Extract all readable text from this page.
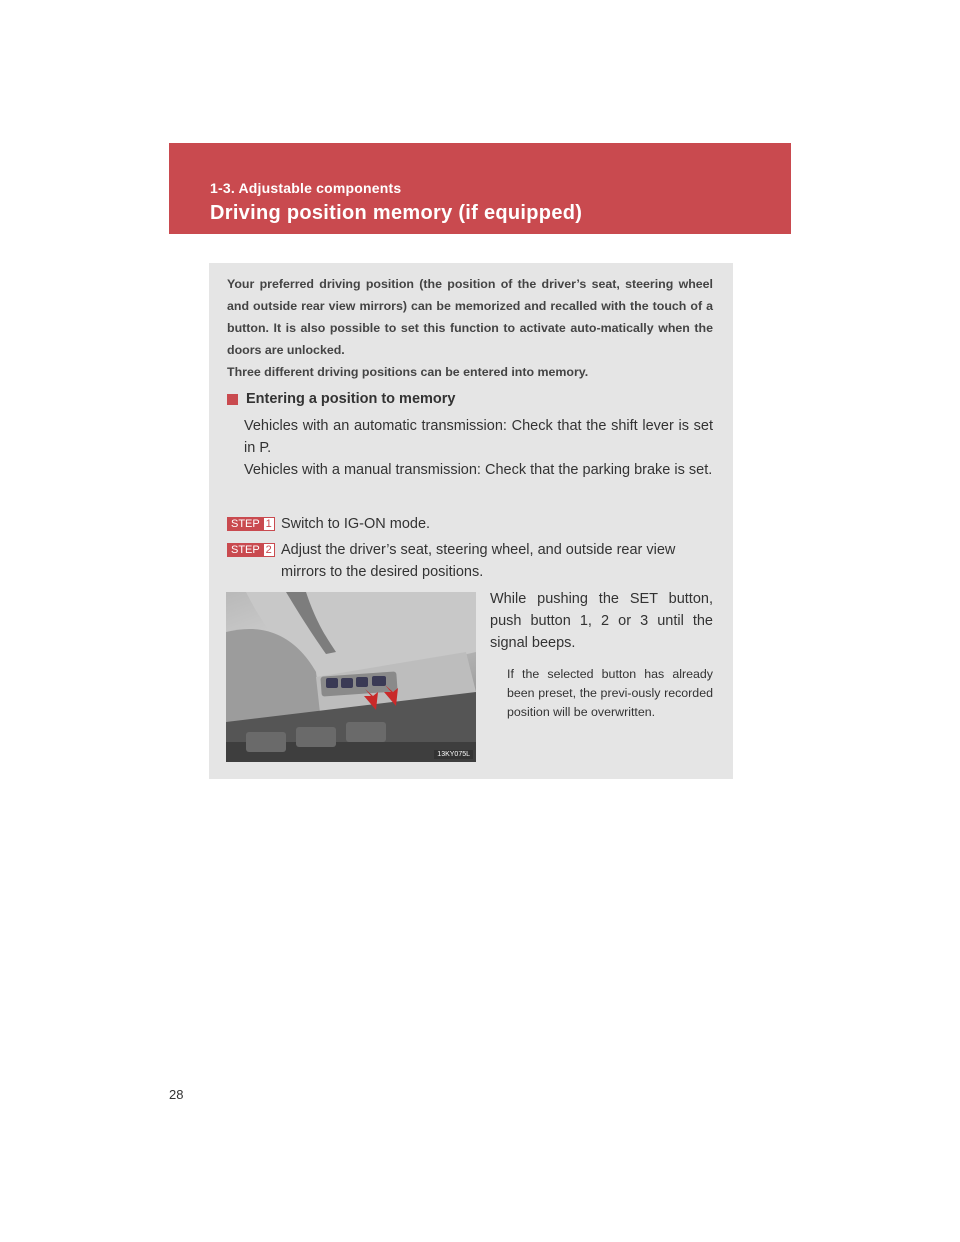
1-3. Adjustable components
Driving position memory (if equipped)

Your preferred driving position (the position of the driver’s seat, steering wheel and outside rear view mirrors) can be memorized and recalled with the touch of a button. It is also possible to set this function to activate auto-matically when the doors are unlocked.

Three different driving positions can be entered into memory.

Entering a position to memory

Vehicles with an automatic transmission: Check that the shift lever is set in P.

Vehicles with a manual transmission: Check that the parking brake is set.

STEP 1 Switch to IG-ON mode.
STEP 2 Adjust the driver’s seat, steering wheel, and outside rear view
mirrors to the desired positions.
13KY075L
While pushing the SET button, push button 1, 2 or 3 until the signal beeps.
If the selected button has already been preset, the previ-ously recorded position will be overwritten.
28
